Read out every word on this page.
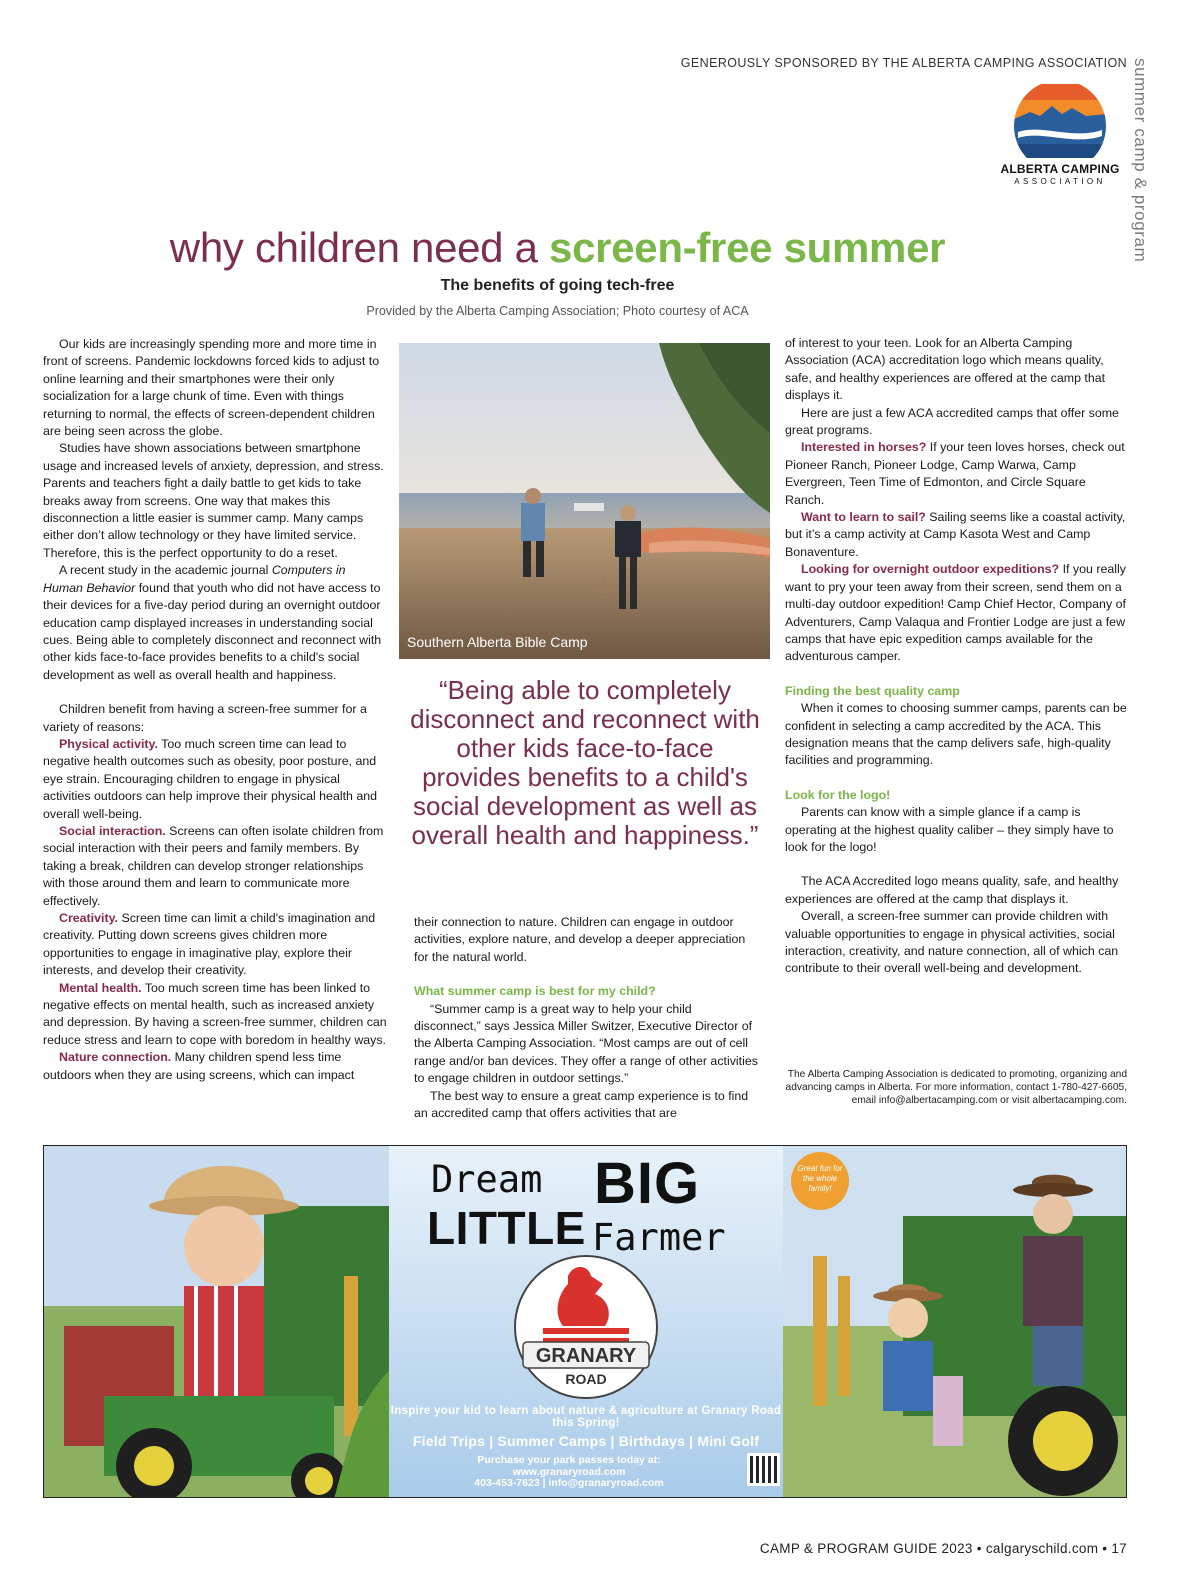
GENEROUSLY SPONSORED BY THE ALBERTA CAMPING ASSOCIATION summer camp & program
ALBERTA CAMPING
ASSOCIATION
why children need a screen-free summer
The benefits of going tech-free
Provided by the Alberta Camping Association; Photo courtesy of ACA

Our kids are increasingly spending more and more time in front of screens. Pandemic lockdowns forced kids to adjust to online learning and their smartphones were their only socialization for a large chunk of time. Even with things returning to normal, the effects of screen-dependent children are being seen across the globe.

Studies have shown associations between smartphone usage and increased levels of anxiety, depression, and stress. Parents and teachers fight a daily battle to get kids to take breaks away from screens. One way that makes this disconnection a little easier is summer camp. Many camps either don’t allow technology or they have limited service. Therefore, this is the perfect opportunity to do a reset.

A recent study in the academic journal Computers in Human Behavior found that youth who did not have access to their devices for a five-day period during an overnight outdoor education camp displayed increases in understanding social cues. Being able to completely disconnect and reconnect with other kids face-to-face provides benefits to a child's social development as well as overall health and happiness.

Children benefit from having a screen-free summer for a variety of reasons:

Physical activity. Too much screen time can lead to negative health outcomes such as obesity, poor posture, and eye strain. Encouraging children to engage in physical activities outdoors can help improve their physical health and overall well-being.

Social interaction. Screens can often isolate children from social interaction with their peers and family members. By taking a break, children can develop stronger relationships with those around them and learn to communicate more effectively.

Creativity. Screen time can limit a child's imagination and creativity. Putting down screens gives children more opportunities to engage in imaginative play, explore their interests, and develop their creativity.

Mental health. Too much screen time has been linked to negative effects on mental health, such as increased anxiety and depression. By having a screen-free summer, children can reduce stress and learn to cope with boredom in healthy ways.

Nature connection. Many children spend less time outdoors when they are using screens, which can impact

Southern Alberta Bible Camp
“Being able to completely disconnect and reconnect with other kids face-to-face provides benefits to a child's social development as well as overall health and happiness.”

their connection to nature. Children can engage in outdoor activities, explore nature, and develop a deeper appreciation for the natural world.

What summer camp is best for my child?

“Summer camp is a great way to help your child disconnect,” says Jessica Miller Switzer, Executive Director of the Alberta Camping Association. “Most camps are out of cell range and/or ban devices. They offer a range of other activities to engage children in outdoor settings.”

The best way to ensure a great camp experience is to find an accredited camp that offers activities that are

of interest to your teen. Look for an Alberta Camping Association (ACA) accreditation logo which means quality, safe, and healthy experiences are offered at the camp that displays it.

Here are just a few ACA accredited camps that offer some great programs.

Interested in horses? If your teen loves horses, check out Pioneer Ranch, Pioneer Lodge, Camp Warwa, Camp Evergreen, Teen Time of Edmonton, and Circle Square Ranch.

Want to learn to sail? Sailing seems like a coastal activity, but it’s a camp activity at Camp Kasota West and Camp Bonaventure.

Looking for overnight outdoor expeditions? If you really want to pry your teen away from their screen, send them on a multi-day outdoor expedition! Camp Chief Hector, Company of Adventurers, Camp Valaqua and Frontier Lodge are just a few camps that have epic expedition camps available for the adventurous camper.

Finding the best quality camp

When it comes to choosing summer camps, parents can be confident in selecting a camp accredited by the ACA. This designation means that the camp delivers safe, high-quality facilities and programming.

Look for the logo!

Parents can know with a simple glance if a camp is operating at the highest quality caliber – they simply have to look for the logo!

The ACA Accredited logo means quality, safe, and healthy experiences are offered at the camp that displays it.

Overall, a screen-free summer can provide children with valuable opportunities to engage in physical activities, social interaction, creativity, and nature connection, all of which can contribute to their overall well-being and development.

The Alberta Camping Association is dedicated to promoting, organizing and advancing camps in Alberta. For more information, contact 1-780-427-6605, email info@albertacamping.com or visit albertacamping.com.
Dream BIG
LITTLE Farmer
GRANARY
ROAD
Inspire your kid to learn about nature & agriculture at Granary Road this Spring!
Field Trips | Summer Camps | Birthdays | Mini Golf
Purchase your park passes today at:
www.granaryroad.com
403-453-7623 | info@granaryroad.com
Great fun for the whole family!
CAMP & PROGRAM GUIDE 2023 • calgaryschild.com • 17
